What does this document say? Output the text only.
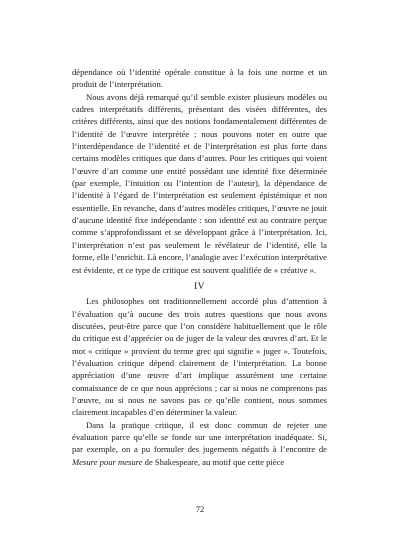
dépendance où l’identité opérale constitue à la fois une norme et un produit de l’interprétation.

Nous avons déjà remarqué qu’il semble exister plusieurs modèles ou cadres interprétatifs différents, présentant des visées différentes, des critères différents, ainsi que des notions fondamentalement différentes de l’identité de l’œuvre interprétée ; nous pouvons noter en outre que l’interdépendance de l’identité et de l’interprétation est plus forte dans certains modèles critiques que dans d’autres. Pour les critiques qui voient l’œuvre d’art comme une entité possédant une identité fixe déterminée (par exemple, l’intuition ou l’intention de l’auteur), la dépendance de l’identité à l’égard de l’interprétation est seulement épistémique et non essentielle. En revanche, dans d’autres modèles critiques, l’œuvre ne jouit d’aucune identité fixe indépendante : son identité est au contraire perçue comme s’approfondissant et se développant grâce à l’interprétation. Ici, l’interprétation n’est pas seulement le révélateur de l’identité, elle la forme, elle l’enrichit. Là encore, l’analogie avec l’exécution interprétative est évidente, et ce type de critique est souvent qualifiée de « créative ».

IV

Les philosophes ont traditionnellement accordé plus d’attention à l’évaluation qu’à aucune des trois autres questions que nous avons discutées, peut-être parce que l’on considère habituellement que le rôle du critique est d’apprécier ou de juger de la valeur des œuvres d’art. Et le mot « critique » provient du terme grec qui signifie « juger ». Toutefois, l’évaluation critique dépend clairement de l’interprétation. La bonne appréciation d’une œuvre d’art implique assurément une certaine connaissance de ce que nous apprécions ; car si nous ne comprenons pas l’œuvre, ou si nous ne savons pas ce qu’elle contient, nous sommes clairement incapables d’en déterminer la valeur.

Dans la pratique critique, il est donc commun de rejeter une évaluation parce qu’elle se fonde sur une interprétation inadéquate. Si, par exemple, on a pu formuler des jugements négatifs à l’encontre de Mesure pour mesure de Shakespeare, au motif que cette pièce

72
